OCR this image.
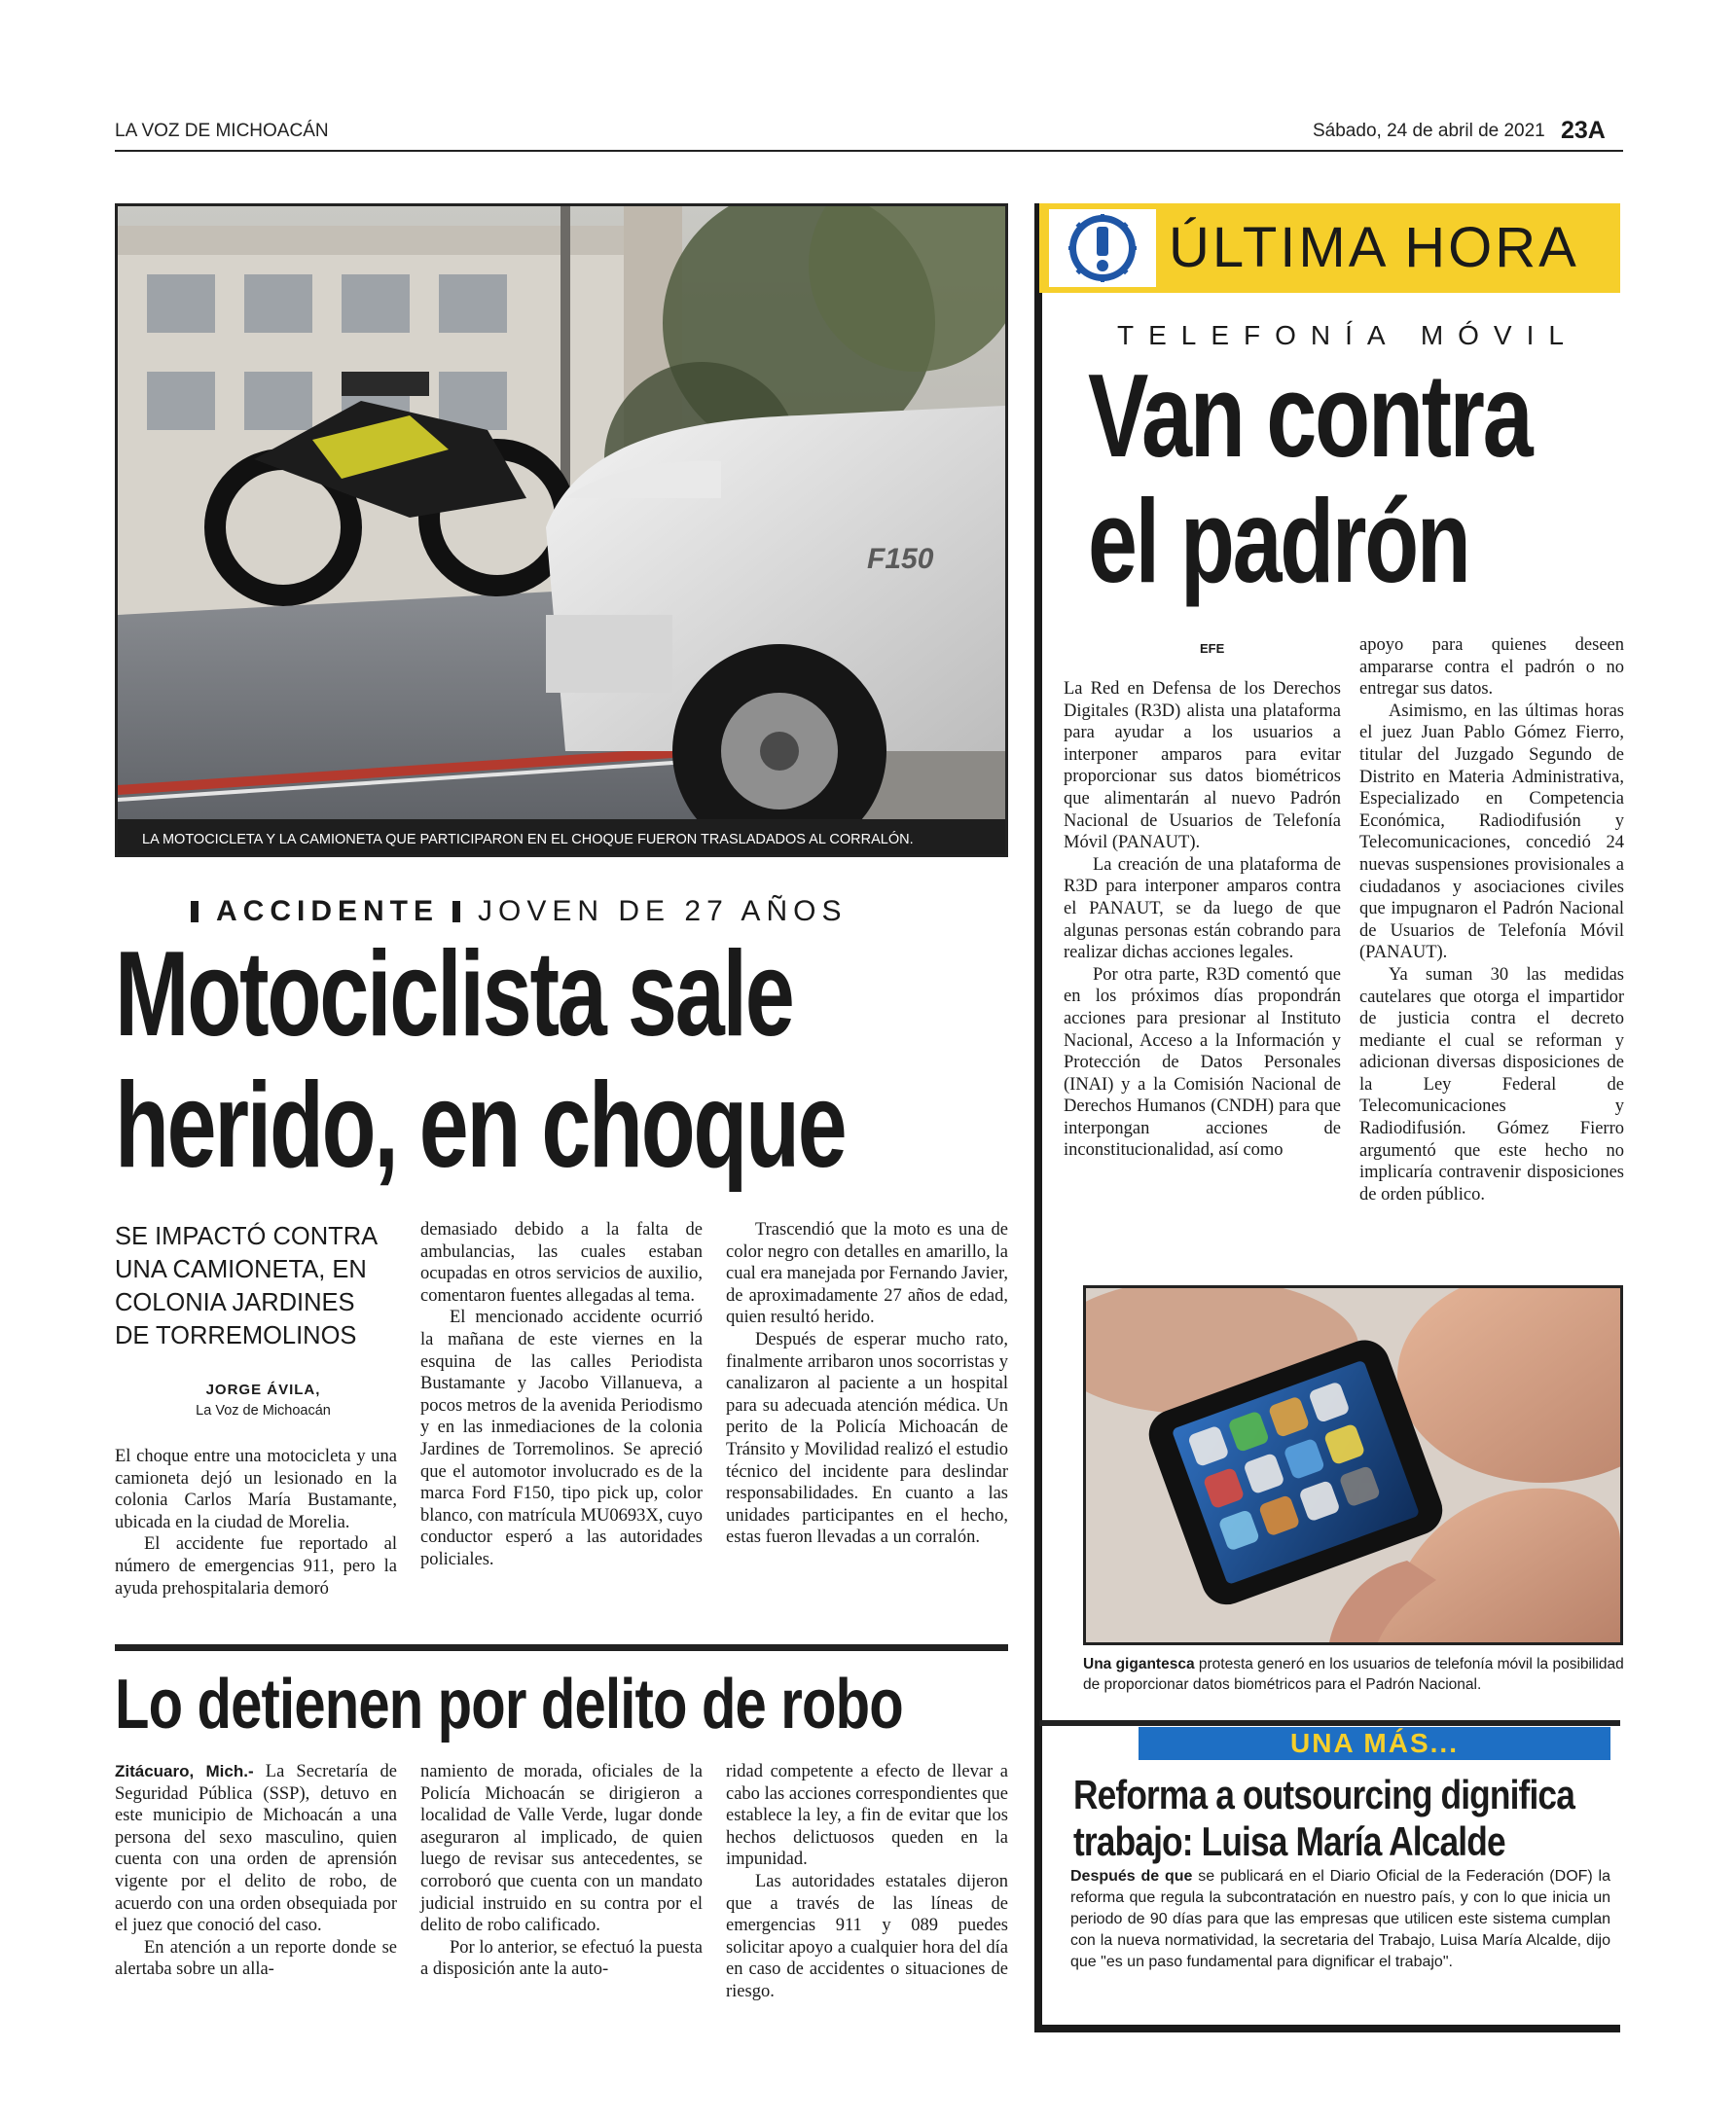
LA VOZ DE MICHOACÁN	Sábado, 24 de abril de 2021 23A
F150
LA MOTOCICLETA Y LA CAMIONETA QUE PARTICIPARON EN EL CHOQUE FUERON TRASLADADOS AL CORRALÓN.
ACCIDENTE JOVEN DE 27 AÑOS
Motociclista sale
herido, en choque
SE IMPACTÓ CONTRA
UNA CAMIONETA, EN
COLONIA JARDINES
DE TORREMOLINOS
JORGE ÁVILA,
La Voz de Michoacán

El choque entre una motocicleta y una camioneta dejó un lesionado en la colonia Carlos María Bustamante, ubicada en la ciudad de Morelia.

El accidente fue reportado al número de emergencias 911, pero la ayuda prehospitalaria demoró

demasiado debido a la falta de ambulancias, las cuales estaban ocupadas en otros servicios de auxilio, comentaron fuentes allegadas al tema.

El mencionado accidente ocurrió la mañana de este viernes en la esquina de las calles Periodista Bustamante y Jacobo Villanueva, a pocos metros de la avenida Periodismo y en las inmediaciones de la colonia Jardines de Torremolinos. Se apreció que el automotor involucrado es de la marca Ford F150, tipo pick up, color blanco, con matrícula MU0693X, cuyo conductor esperó a las autoridades policiales.

Trascendió que la moto es una de color negro con detalles en amarillo, la cual era manejada por Fernando Javier, de aproximadamente 27 años de edad, quien resultó herido.

Después de esperar mucho rato, finalmente arribaron unos socorristas y canalizaron al paciente a un hospital para su adecuada atención médica. Un perito de la Policía Michoacán de Tránsito y Movilidad realizó el estudio técnico del incidente para deslindar responsabilidades. En cuanto a las unidades participantes en el hecho, estas fueron llevadas a un corralón.

Lo detienen por delito de robo

Zitácuaro, Mich.- La Secretaría de Seguridad Pública (SSP), detuvo en este municipio de Michoacán a una persona del sexo masculino, quien cuenta con una orden de aprensión vigente por el delito de robo, de acuerdo con una orden obsequiada por el juez que conoció del caso.

En atención a un reporte donde se alertaba sobre un alla-

namiento de morada, oficiales de la Policía Michoacán se dirigieron a localidad de Valle Verde, lugar donde aseguraron al implicado, de quien luego de revisar sus antecedentes, se corroboró que cuenta con un mandato judicial instruido en su contra por el delito de robo calificado.

Por lo anterior, se efectuó la puesta a disposición ante la auto-

ridad competente a efecto de llevar a cabo las acciones correspondientes que establece la ley, a fin de evitar que los hechos delictuosos queden en la impunidad.

Las autoridades estatales dijeron que a través de las líneas de emergencias 911 y 089 puedes solicitar apoyo a cualquier hora del día en caso de accidentes o situaciones de riesgo.

ÚLTIMA HORA
TELEFONÍA MÓVIL
Van contra
el padrón
EFE

La Red en Defensa de los Derechos Digitales (R3D) alista una plataforma para ayudar a los usuarios a interponer amparos para evitar proporcionar sus datos biométricos que alimentarán al nuevo Padrón Nacional de Usuarios de Telefonía Móvil (PANAUT).

La creación de una plataforma de R3D para interponer amparos contra el PANAUT, se da luego de que algunas personas están cobrando para realizar dichas acciones legales.

Por otra parte, R3D comentó que en los próximos días propondrán acciones para presionar al Instituto Nacional, Acceso a la Información y Protección de Datos Personales (INAI) y a la Comisión Nacional de Derechos Humanos (CNDH) para que interpongan acciones de inconstitucionalidad, así como

apoyo para quienes deseen ampararse contra el padrón o no entregar sus datos.

Asimismo, en las últimas horas el juez Juan Pablo Gómez Fierro, titular del Juzgado Segundo de Distrito en Materia Administrativa, Especializado en Competencia Económica, Radiodifusión y Telecomunicaciones, concedió 24 nuevas suspensiones provisionales a ciudadanos y asociaciones civiles que impugnaron el Padrón Nacional de Usuarios de Telefonía Móvil (PANAUT).

Ya suman 30 las medidas cautelares que otorga el impartidor de justicia contra el decreto mediante el cual se reforman y adicionan diversas disposiciones de la Ley Federal de Telecomunicaciones y Radiodifusión. Gómez Fierro argumentó que este hecho no implicaría contravenir disposiciones de orden público.

Una gigantesca protesta generó en los usuarios de telefonía móvil la posibilidad de proporcionar datos biométricos para el Padrón Nacional.
UNA MÁS...
Reforma a outsourcing dignifica
trabajo: Luisa María Alcalde
Después de que se publicará en el Diario Oficial de la Federación (DOF) la reforma que regula la subcontratación en nuestro país, y con lo que inicia un periodo de 90 días para que las empresas que utilicen este sistema cumplan con la nueva normatividad, la secretaria del Trabajo, Luisa María Alcalde, dijo que "es un paso fundamental para dignificar el trabajo".
